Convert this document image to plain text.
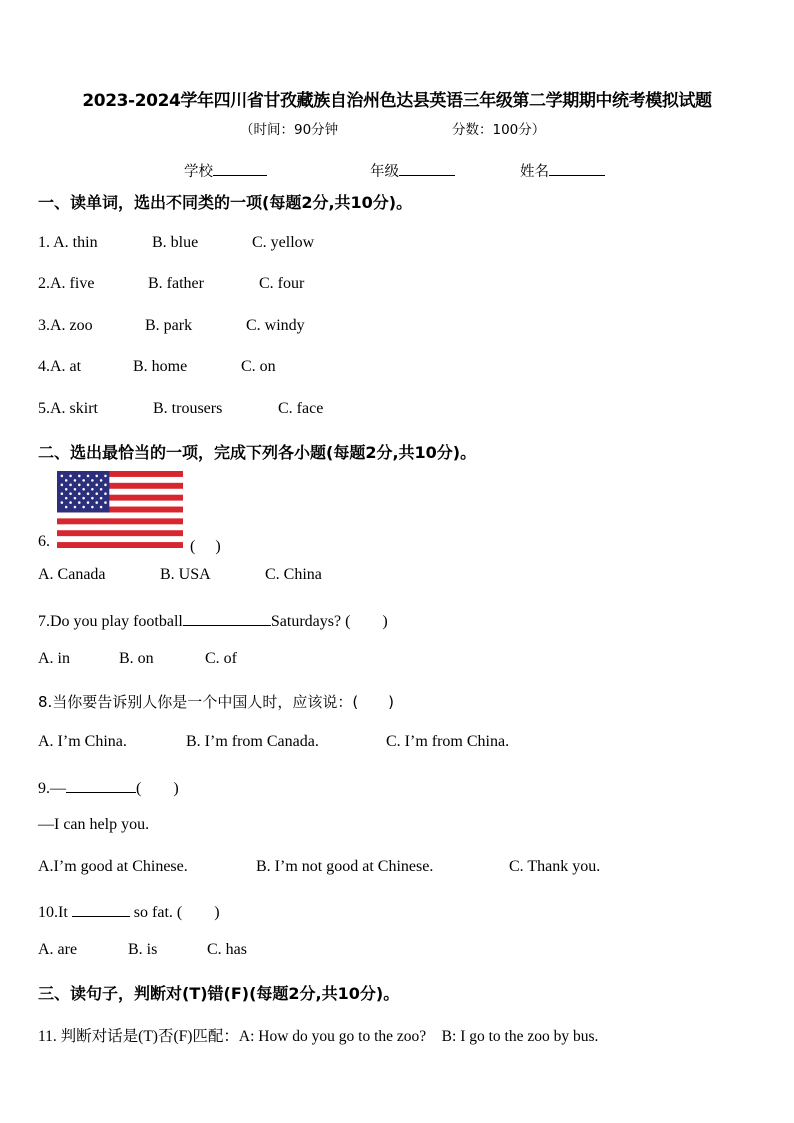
2023-2024学年四川省甘孜藏族自治州色达县英语三年级第二学期期中统考模拟试题
（时间：90分钟	分数：100分）
学校	年级	姓名
一、读单词，选出不同类的一项(每题2分,共10分)。
1. A. thin	B. blue	C. yellow
2.A. five	B. father	C. four
3.A. zoo	B. park	C. windy
4.A. at	B. home	C. on
5.A. skirt	B. trousers	C. face
二、选出最恰当的一项，完成下列各小题(每题2分,共10分)。
6.	(　 )
A. Canada	B. USA	C. China
7.Do you play football	Saturdays? (　　)
A. in	B. on	C. of
8.当你要告诉别人你是一个中国人时，应该说：(　　)
A. I’m China.	B. I’m from Canada.	C. I’m from China.
9.—	(　　)
—I can help you.
A.I’m good at Chinese.	B. I’m not good at Chinese.	C. Thank you.
10.It	so fat. (　　)
A. are	B. is	C. has
三、读句子，判断对(T)错(F)(每题2分,共10分)。
11. 判断对话是(T)否(F)匹配：A: How do you go to the zoo?　B: I go to the zoo by bus.
